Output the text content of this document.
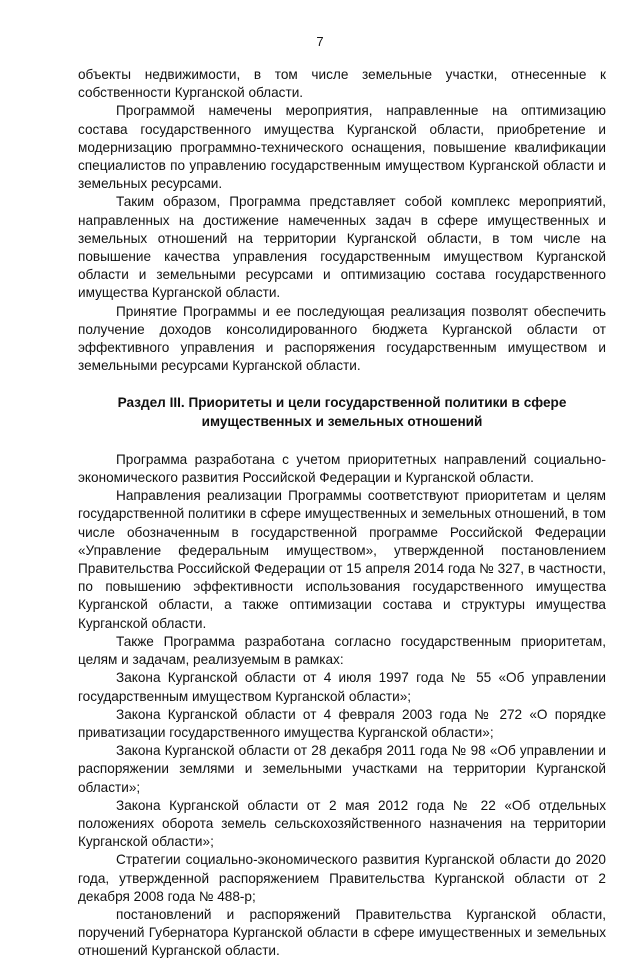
7

объекты недвижимости, в том числе земельные участки, отнесенные к собственности Курганской области.

Программой намечены мероприятия, направленные на оптимизацию состава государственного имущества Курганской области, приобретение и модернизацию программно-технического оснащения, повышение квалификации специалистов по управлению государственным имуществом Курганской области и земельных ресурсами.

Таким образом, Программа представляет собой комплекс мероприятий, направленных на достижение намеченных задач в сфере имущественных и земельных отношений на территории Курганской области, в том числе на повышение качества управления государственным имуществом Курганской области и земельными ресурсами и оптимизацию состава государственного имущества Курганской области.

Принятие Программы и ее последующая реализация позволят обеспечить получение доходов консолидированного бюджета Курганской области от эффективного управления и распоряжения государственным имуществом и земельными ресурсами Курганской области.

Раздел III. Приоритеты и цели государственной политики в сфере
имущественных и земельных отношений

Программа разработана с учетом приоритетных направлений социально-экономического развития Российской Федерации и Курганской области.

Направления реализации Программы соответствуют приоритетам и целям государственной политики в сфере имущественных и земельных отношений, в том числе обозначенным в государственной программе Российской Федерации «Управление федеральным имуществом», утвержденной постановлением Правительства Российской Федерации от 15 апреля 2014 года № 327, в частности, по повышению эффективности использования государственного имущества Курганской области, а также оптимизации состава и структуры имущества Курганской области.

Также Программа разработана согласно государственным приоритетам, целям и задачам, реализуемым в рамках:

Закона Курганской области от 4 июля 1997 года № 55 «Об управлении государственным имуществом Курганской области»;

Закона Курганской области от 4 февраля 2003 года № 272 «О порядке приватизации государственного имущества Курганской области»;

Закона Курганской области от 28 декабря 2011 года № 98 «Об управлении и распоряжении землями и земельными участками на территории Курганской области»;

Закона Курганской области от 2 мая 2012 года № 22 «Об отдельных положениях оборота земель сельскохозяйственного назначения на территории Курганской области»;

Стратегии социально-экономического развития Курганской области до 2020 года, утвержденной распоряжением Правительства Курганской области от 2 декабря 2008 года № 488-р;

постановлений и распоряжений Правительства Курганской области, поручений Губернатора Курганской области в сфере имущественных и земельных отношений Курганской области.
